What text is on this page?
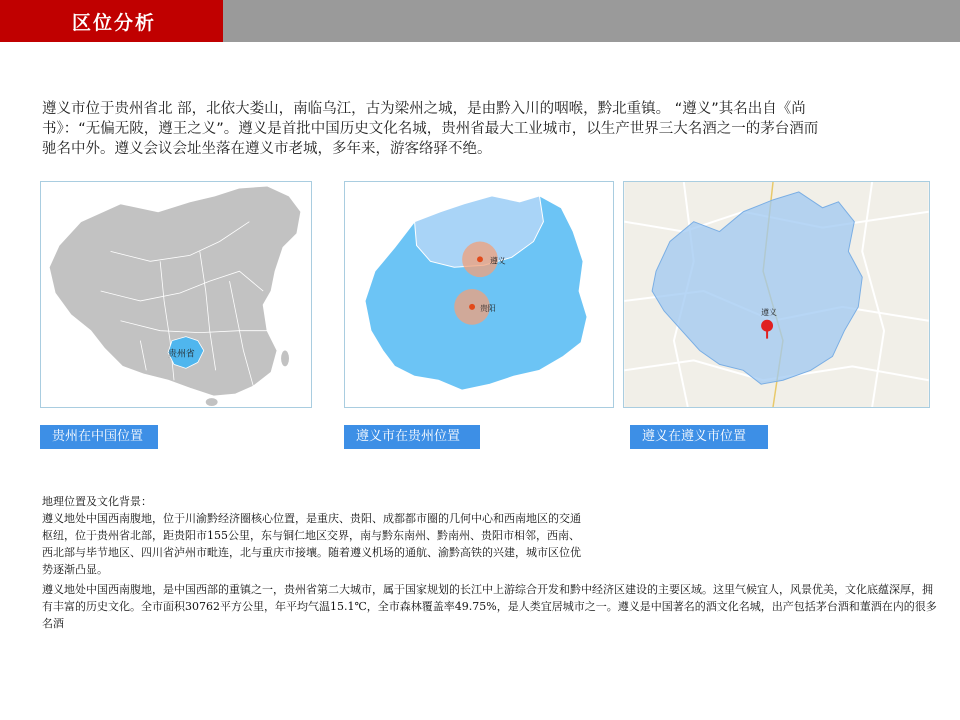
区位分析
遵义市位于贵州省北 部，北依大娄山，南临乌江，古为梁州之城，是由黔入川的咽喉，黔北重镇。 “遵义”其名出自《尚书》：“无偏无陂，遵王之义”。遵义是首批中国历史文化名城，贵州省最大工业城市，以生产世界三大名酒之一的茅台酒而驰名中外。遵义会议会址坐落在遵义市老城，多年来，游客络驿不绝。
贵州省
遵义
贵阳	遵义
贵州在中国位置	遵义市在贵州位置	遵义在遵义市位置

地理位置及文化背景：

遵义地处中国西南腹地，位于川渝黔经济圈核心位置，是重庆、贵阳、成都都市圈的几何中心和西南地区的交通枢纽，位于贵州省北部，距贵阳市155公里，东与铜仁地区交界，南与黔东南州、黔南州、贵阳市相邻，西南、西北部与毕节地区、四川省泸州市毗连，北与重庆市接壤。随着遵义机场的通航、渝黔高铁的兴建，城市区位优势逐渐凸显。

遵义地处中国西南腹地，是中国西部的重镇之一，贵州省第二大城市，属于国家规划的长江中上游综合开发和黔中经济区建设的主要区域。这里气候宜人，风景优美，文化底蕴深厚，拥有丰富的历史文化。全市面积30762平方公里，年平均气温15.1℃，全市森林覆盖率49.75%，是人类宜居城市之一。遵义是中国著名的酒文化名城，出产包括茅台酒和董酒在内的很多名酒
